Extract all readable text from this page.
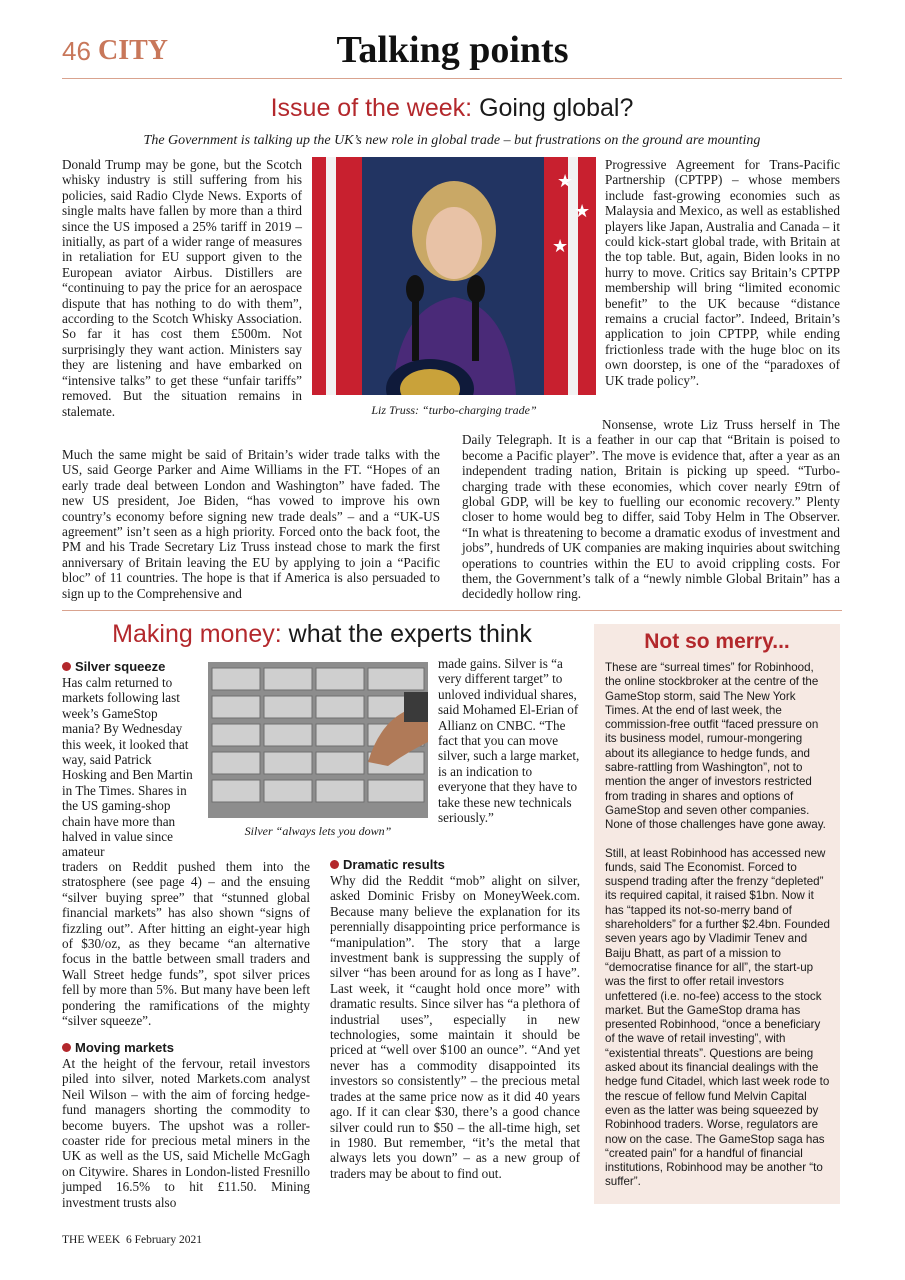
Talking points
46 CITY
Issue of the week: Going global?
The Government is talking up the UK’s new role in global trade – but frustrations on the ground are mounting
Donald Trump may be gone, but the Scotch whisky industry is still suffering from his policies, said Radio Clyde News. Exports of single malts have fallen by more than a third since the US imposed a 25% tariff in 2019 – initially, as part of a wider range of measures in retaliation for EU support given to the European aviator Airbus. Distillers are “continuing to pay the price for an aerospace dispute that has nothing to do with them”, according to the Scotch Whisky Association. So far it has cost them £500m. Not surprisingly they want action. Ministers say they are listening and have embarked on “intensive talks” to get these “unfair tariffs” removed. But the situation remains in stalemate.
Much the same might be said of Britain’s wider trade talks with the US, said George Parker and Aime Williams in the FT. “Hopes of an early trade deal between London and Washington” have faded. The new US president, Joe Biden, “has vowed to improve his own country’s economy before signing new trade deals” – and a “UK-US agreement” isn’t seen as a high priority. Forced onto the back foot, the PM and his Trade Secretary Liz Truss instead chose to mark the first anniversary of Britain leaving the EU by applying to join a “Pacific bloc” of 11 countries. The hope is that if America is also persuaded to sign up to the Comprehensive and
★
★
★
Liz Truss: “turbo-charging trade”
Progressive Agreement for Trans-Pacific Partnership (CPTPP) – whose members include fast-growing economies such as Malaysia and Mexico, as well as established players like Japan, Australia and Canada – it could kick-start global trade, with Britain at the top table. But, again, Biden looks in no hurry to move. Critics say Britain’s CPTPP membership will bring “limited economic benefit” to the UK because “distance remains a crucial factor”. Indeed, Britain’s application to join CPTPP, while ending frictionless trade with the huge bloc on its own doorstep, is one of the “paradoxes of UK trade policy”.
Nonsense, wrote Liz Truss herself in The Daily Telegraph. It is a feather in our cap that “Britain is poised to become a Pacific player”. The move is evidence that, after a year as an independent trading nation, Britain is picking up speed. “Turbo-charging trade with these economies, which cover nearly £9trn of global GDP, will be key to fuelling our economic recovery.” Plenty closer to home would beg to differ, said Toby Helm in The Observer. “In what is threatening to become a dramatic exodus of investment and jobs”, hundreds of UK companies are making inquiries about switching operations to countries within the EU to avoid crippling costs. For them, the Government’s talk of a “newly nimble Global Britain” has a decidedly hollow ring.
Making money: what the experts think
Silver squeeze
Has calm returned to markets following last week’s GameStop mania? By Wednesday this week, it looked that way, said Patrick Hosking and Ben Martin in The Times. Shares in the US gaming-shop chain have more than halved in value since amateur
traders on Reddit pushed them into the stratosphere (see page 4) – and the ensuing “silver buying spree” that “stunned global financial markets” has also shown “signs of fizzling out”. After hitting an eight-year high of $30/oz, as they became “an alternative focus in the battle between small traders and Wall Street hedge funds”, spot silver prices fell by more than 5%. But many have been left pondering the ramifications of the mighty “silver squeeze”.
Silver “always lets you down”
Moving markets
At the height of the fervour, retail investors piled into silver, noted Markets.com analyst Neil Wilson – with the aim of forcing hedge-fund managers shorting the commodity to become buyers. The upshot was a roller-coaster ride for precious metal miners in the UK as well as the US, said Michelle McGagh on Citywire. Shares in London-listed Fresnillo jumped 16.5% to hit £11.50. Mining investment trusts also
made gains. Silver is “a very different target” to unloved individual shares, said Mohamed El-Erian of Allianz on CNBC. “The fact that you can move silver, such a large market, is an indication to everyone that they have to take these new technicals seriously.”
Dramatic results
Why did the Reddit “mob” alight on silver, asked Dominic Frisby on MoneyWeek.com. Because many believe the explanation for its perennially disappointing price performance is “manipulation”. The story that a large investment bank is suppressing the supply of silver “has been around for as long as I have”. Last week, it “caught hold once more” with dramatic results. Since silver has “a plethora of industrial uses”, especially in new technologies, some maintain it should be priced at “well over $100 an ounce”. “And yet never has a commodity disappointed its investors so consistently” – the precious metal trades at the same price now as it did 40 years ago. If it can clear $30, there’s a good chance silver could run to $50 – the all-time high, set in 1980. But remember, “it’s the metal that always lets you down” – as a new group of traders may be about to find out.
Not so merry...

These are “surreal times” for Robinhood, the online stockbroker at the centre of the GameStop storm, said The New York Times. At the end of last week, the commission-free outfit “faced pressure on its business model, rumour-mongering about its allegiance to hedge funds, and sabre-rattling from Washington”, not to mention the anger of investors restricted from trading in shares and options of GameStop and seven other companies. None of those challenges have gone away.

Still, at least Robinhood has accessed new funds, said The Economist. Forced to suspend trading after the frenzy “depleted” its required capital, it raised $1bn. Now it has “tapped its not-so-merry band of shareholders” for a further $2.4bn. Founded seven years ago by Vladimir Tenev and Baiju Bhatt, as part of a mission to “democratise finance for all”, the start-up was the first to offer retail investors unfettered (i.e. no-fee) access to the stock market. But the GameStop drama has presented Robinhood, “once a beneficiary of the wave of retail investing”, with “existential threats”. Questions are being asked about its financial dealings with the hedge fund Citadel, which last week rode to the rescue of fellow fund Melvin Capital even as the latter was being squeezed by Robinhood traders. Worse, regulators are now on the case. The GameStop saga has “created pain” for a handful of financial institutions, Robinhood may be another “to suffer”.

THE WEEK  6 February 2021
